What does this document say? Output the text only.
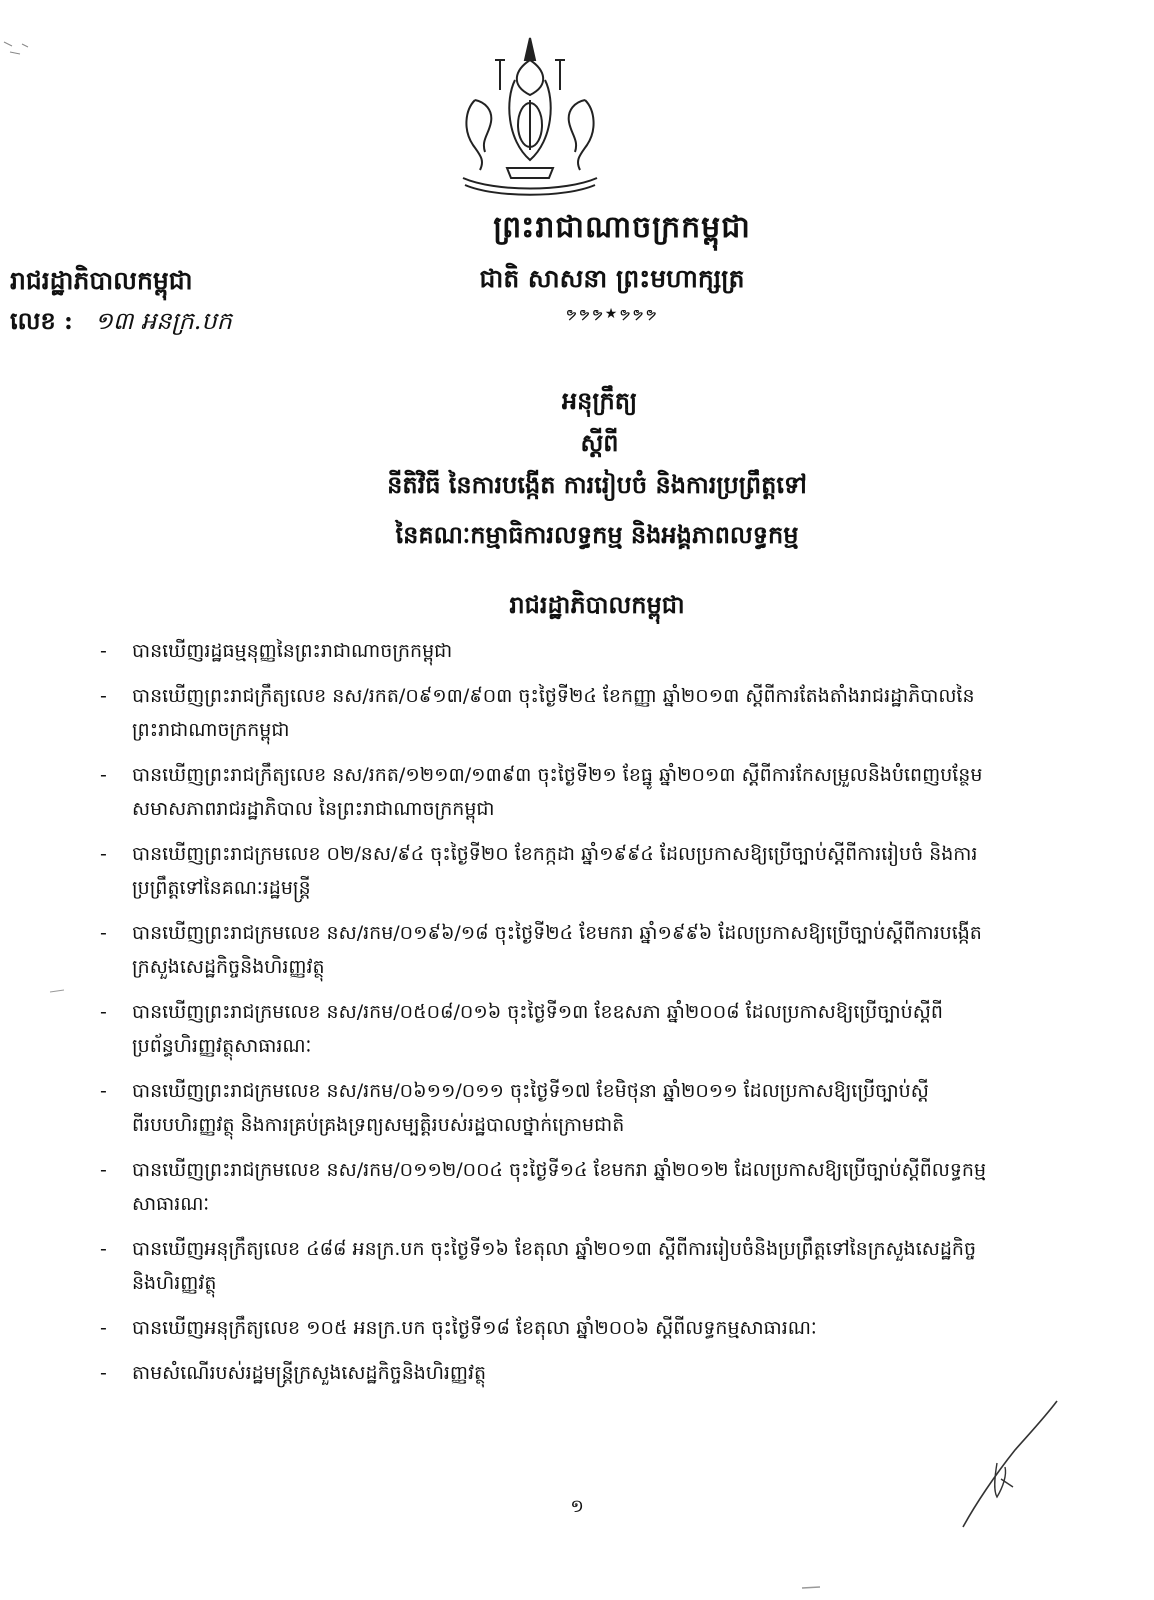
ព្រះរាជាណាចក្រកម្ពុជា
ជាតិ សាសនា ព្រះមហាក្សត្រ
ຯຯຯ★ຯຯຯ
រាជរដ្ឋាភិបាលកម្ពុជា
លេខ : ១៣ អនក្រ.បក
អនុក្រឹត្យ
ស្តីពី
នីតិវិធី នៃការបង្កើត ការរៀបចំ និងការប្រព្រឹត្តទៅ
នៃគណៈកម្មាធិការលទ្ធកម្ម និងអង្គភាពលទ្ធកម្ម
រាជរដ្ឋាភិបាលកម្ពុជា
- បានឃើញរដ្ឋធម្មនុញ្ញនៃព្រះរាជាណាចក្រកម្ពុជា
- បានឃើញព្រះរាជក្រឹត្យលេខ នស/រកត/០៩១៣/៩០៣ ចុះថ្ងៃទី២៤ ខែកញ្ញា ឆ្នាំ២០១៣ ស្តីពីការតែងតាំងរាជរដ្ឋាភិបាលនៃព្រះរាជាណាចក្រកម្ពុជា
- បានឃើញព្រះរាជក្រឹត្យលេខ នស/រកត/១២១៣/១៣៩៣ ចុះថ្ងៃទី២១ ខែធ្នូ ឆ្នាំ២០១៣ ស្តីពីការកែសម្រួលនិងបំពេញបន្ថែមសមាសភាពរាជរដ្ឋាភិបាល នៃព្រះរាជាណាចក្រកម្ពុជា
- បានឃើញព្រះរាជក្រមលេខ ០២/នស/៩៤ ចុះថ្ងៃទី២០ ខែកក្កដា ឆ្នាំ១៩៩៤ ដែលប្រកាសឱ្យប្រើច្បាប់ស្តីពីការរៀបចំ និងការប្រព្រឹត្តទៅនៃគណៈរដ្ឋមន្ត្រី
- បានឃើញព្រះរាជក្រមលេខ នស/រកម/០១៩៦/១៨ ចុះថ្ងៃទី២៤ ខែមករា ឆ្នាំ១៩៩៦ ដែលប្រកាសឱ្យប្រើច្បាប់ស្តីពីការបង្កើតក្រសួងសេដ្ឋកិច្ចនិងហិរញ្ញវត្ថុ
- បានឃើញព្រះរាជក្រមលេខ នស/រកម/០៥០៨/០១៦ ចុះថ្ងៃទី១៣ ខែឧសភា ឆ្នាំ២០០៨ ដែលប្រកាសឱ្យប្រើច្បាប់ស្តីពីប្រព័ន្ធហិរញ្ញវត្ថុសាធារណៈ
- បានឃើញព្រះរាជក្រមលេខ នស/រកម/០៦១១/០១១ ចុះថ្ងៃទី១៧ ខែមិថុនា ឆ្នាំ២០១១ ដែលប្រកាសឱ្យប្រើច្បាប់ស្តីពីរបបហិរញ្ញវត្ថុ និងការគ្រប់គ្រងទ្រព្យសម្បត្តិរបស់រដ្ឋបាលថ្នាក់ក្រោមជាតិ
- បានឃើញព្រះរាជក្រមលេខ នស/រកម/០១១២/០០៤ ចុះថ្ងៃទី១៤ ខែមករា ឆ្នាំ២០១២ ដែលប្រកាសឱ្យប្រើច្បាប់ស្តីពីលទ្ធកម្មសាធារណៈ
- បានឃើញអនុក្រឹត្យលេខ ៤៨៨ អនក្រ.បក ចុះថ្ងៃទី១៦ ខែតុលា ឆ្នាំ២០១៣ ស្តីពីការរៀបចំនិងប្រព្រឹត្តទៅនៃក្រសួងសេដ្ឋកិច្ចនិងហិរញ្ញវត្ថុ
- បានឃើញអនុក្រឹត្យលេខ ១០៥ អនក្រ.បក ចុះថ្ងៃទី១៨ ខែតុលា ឆ្នាំ២០០៦ ស្តីពីលទ្ធកម្មសាធារណៈ
- តាមសំណើរបស់រដ្ឋមន្ត្រីក្រសួងសេដ្ឋកិច្ចនិងហិរញ្ញវត្ថុ
១
